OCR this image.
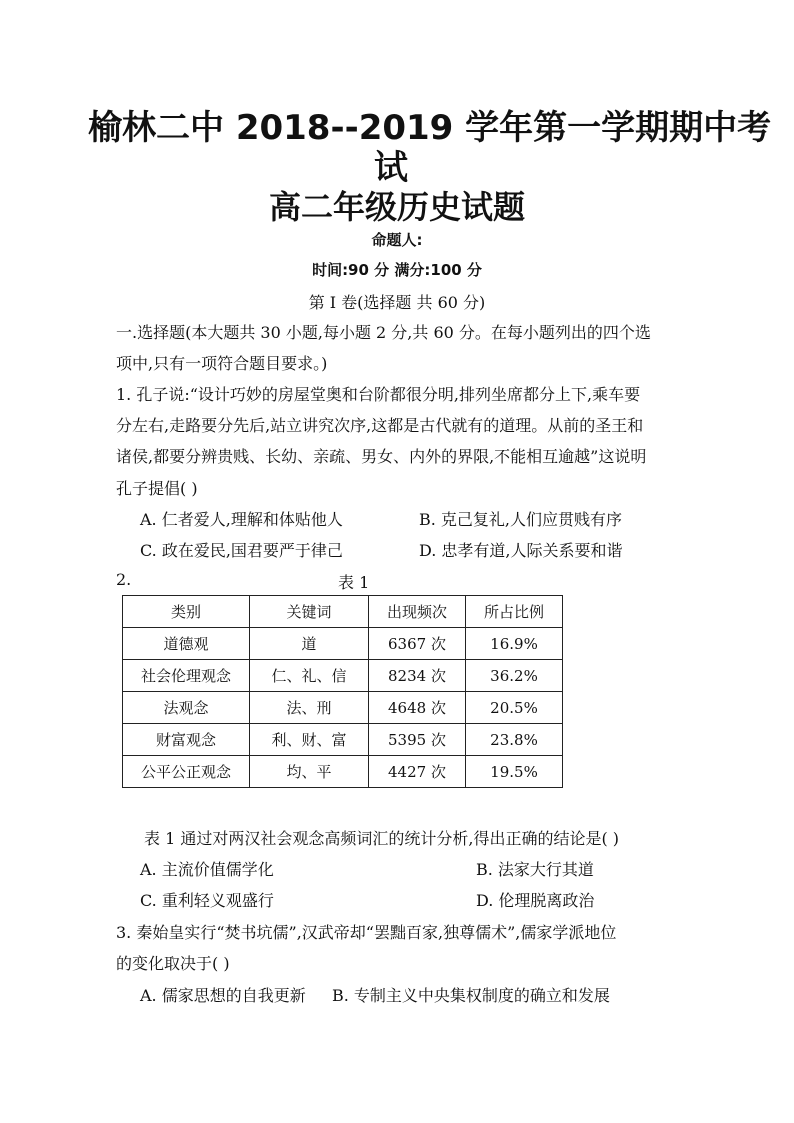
榆林二中 2018--2019 学年第一学期期中考
试
高二年级历史试题
命题人:
时间:90 分 满分:100 分
第 I 卷(选择题 共 60 分)
一.选择题(本大题共 30 小题,每小题 2 分,共 60 分。在每小题列出的四个选
项中,只有一项符合题目要求。)
1. 孔子说:“设计巧妙的房屋堂奥和台阶都很分明,排列坐席都分上下,乘车要
分左右,走路要分先后,站立讲究次序,这都是古代就有的道理。从前的圣王和
诸侯,都要分辨贵贱、长幼、亲疏、男女、内外的界限,不能相互逾越”这说明
孔子提倡( )
A. 仁者爱人,理解和体贴他人	B. 克己复礼,人们应贯贱有序
C. 政在爱民,国君要严于律己	D. 忠孝有道,人际关系要和谐
2.	表 1
类别	关键词	出现频次	所占比例
道德观	道	6367 次	16.9%
社会伦理观念	仁、礼、信	8234 次	36.2%
法观念	法、刑	4648 次	20.5%
财富观念	利、财、富	5395 次	23.8%
公平公正观念	均、平	4427 次	19.5%
表 1 通过对两汉社会观念高频词汇的统计分析,得出正确的结论是( )
A. 主流价值儒学化	B. 法家大行其道
C. 重利轻义观盛行	D. 伦理脱离政治
3. 秦始皇实行“焚书坑儒”,汉武帝却“罢黜百家,独尊儒术”,儒家学派地位
的变化取决于( )
A. 儒家思想的自我更新 B. 专制主义中央集权制度的确立和发展
